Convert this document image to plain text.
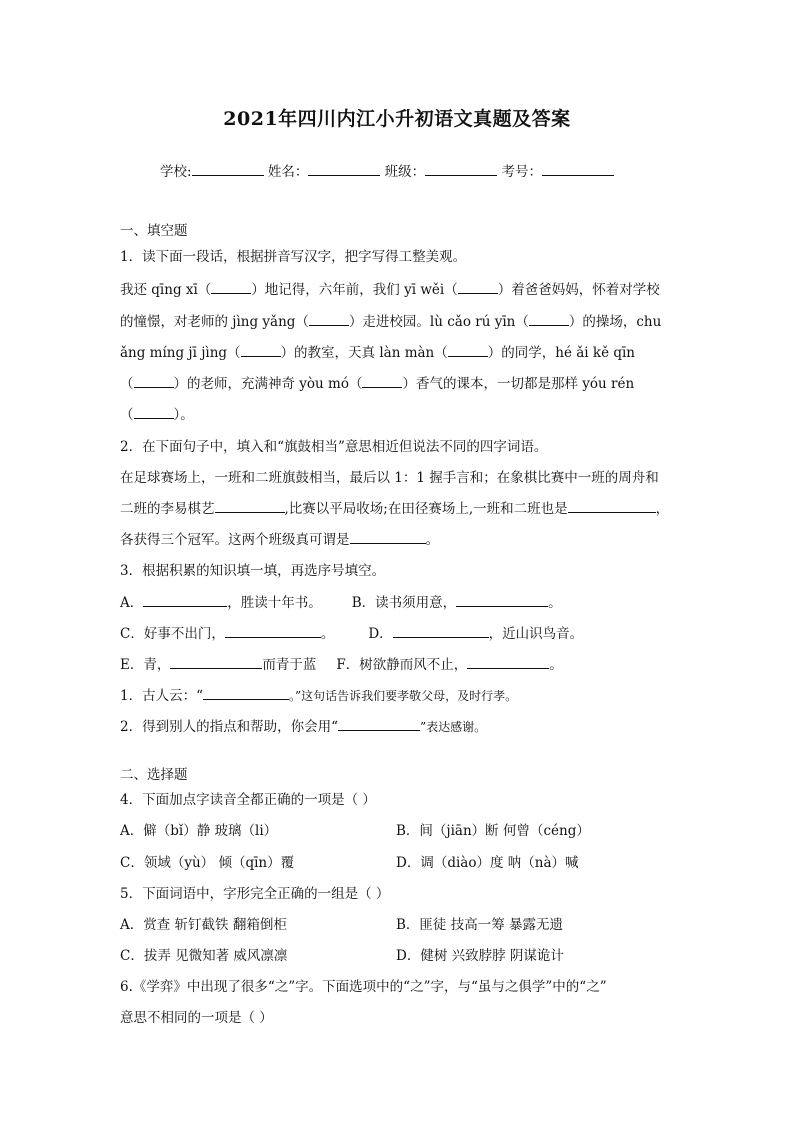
2021年四川内江小升初语文真题及答案
学校:	姓名：	班级：	考号：
一、填空题
1．读下面一段话，根据拼音写汉字，把字写得工整美观。
我还 qīng xī（	）地记得，六年前，我们 yī wěi（	）着爸爸妈妈，怀着对学校
的憧憬，对老师的 jìng yǎng（	）走进校园。lù cǎo rú yīn（	）的操场，chu
ǎng míng jī jìng（	）的教室，天真 làn màn（	）的同学，hé ǎi kě qīn
（	）的老师，充满神奇 yòu mó（	）香气的课本，一切都是那样 yóu rén
（	）。
2．在下面句子中，填入和“旗鼓相当”意思相近但说法不同的四字词语。
在足球赛场上，一班和二班旗鼓相当，最后以 1：1 握手言和；在象棋比赛中一班的周舟和
二班的李易棋艺	,比赛以平局收场;在田径赛场上,一班和二班也是	，
各获得三个冠军。这两个班级真可谓是	。
3．根据积累的知识填一填，再选序号填空。
A．	，胜读十年书。 B．读书须用意，	。
C．好事不出门，	。	D．	，近山识鸟音。
E．青，	而青于蓝 F．树欲静而风不止，	。
1．古人云：“	。”这句话告诉我们要孝敬父母，及时行孝。
2．得到别人的指点和帮助，你会用“	”表达感谢。
二、选择题
4．下面加点字读音全都正确的一项是（ ）
A．僻（bǐ）静 玻璃（li）	B．间（jiān）断 何曾（céng）
C．领域（yù） 倾（qīn）覆	D．调（diào）度 呐（nà）喊
5．下面词语中，字形完全正确的一组是（ ）
A．赏查 斩钉截铁 翻箱倒柜	B．匪徒 技高一筹 暴露无遗
C．拔弄 见微知著 威风凛凛	D．健树 兴致脖脖 阴谋诡计
6.《学弈》中出现了很多“之”字。下面选项中的“之”字，与“虽与之俱学”中的“之”
意思不相同的一项是（ ）
